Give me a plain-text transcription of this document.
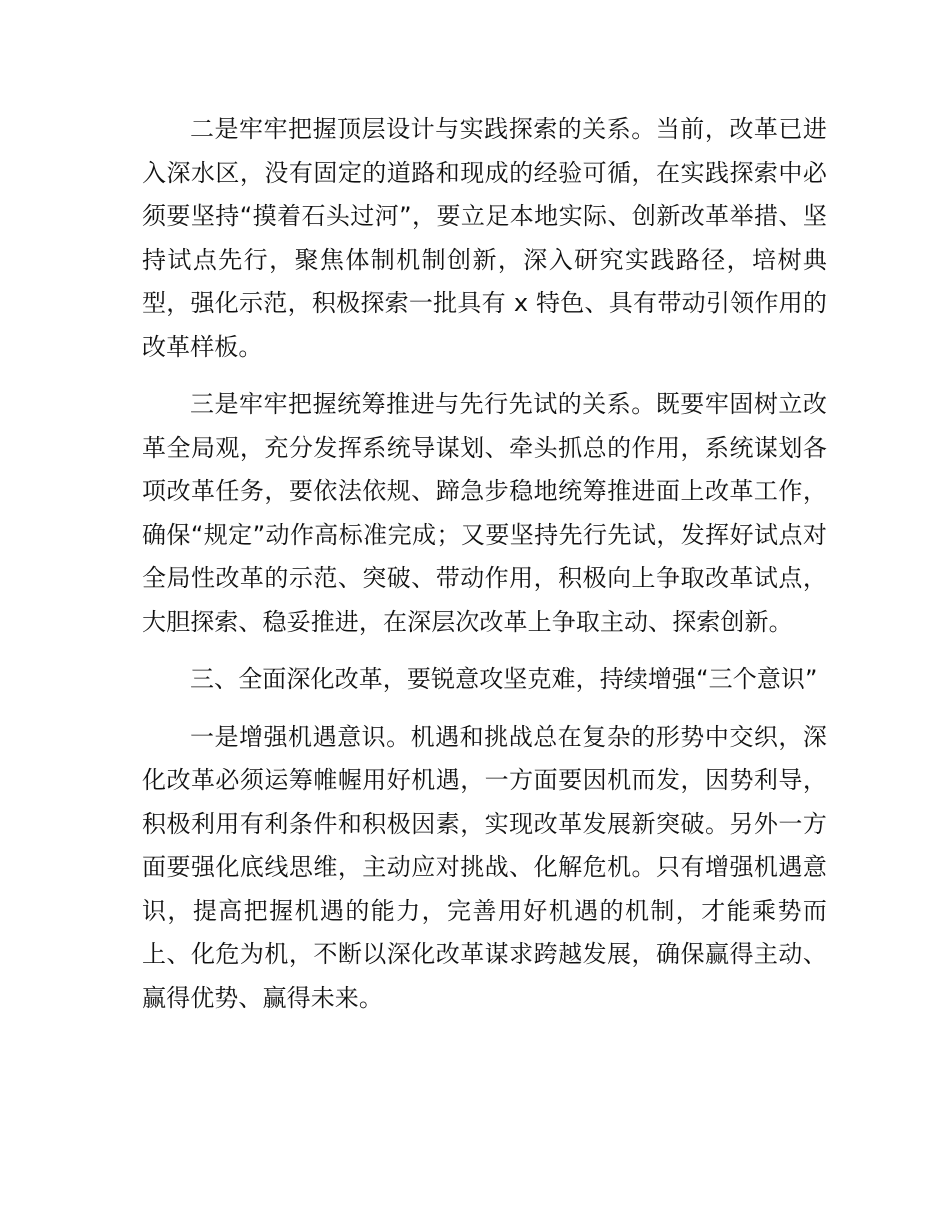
二是牢牢把握顶层设计与实践探索的关系。当前，改革已进入深水区，没有固定的道路和现成的经验可循，在实践探索中必须要坚持“摸着石头过河”，要立足本地实际、创新改革举措、坚持试点先行，聚焦体制机制创新，深入研究实践路径，培树典型，强化示范，积极探索一批具有 x 特色、具有带动引领作用的改革样板。

三是牢牢把握统筹推进与先行先试的关系。既要牢固树立改革全局观，充分发挥系统导谋划、牵头抓总的作用，系统谋划各项改革任务，要依法依规、蹄急步稳地统筹推进面上改革工作，确保“规定”动作高标准完成；又要坚持先行先试，发挥好试点对全局性改革的示范、突破、带动作用，积极向上争取改革试点，大胆探索、稳妥推进，在深层次改革上争取主动、探索创新。

三、全面深化改革，要锐意攻坚克难，持续增强“三个意识”

一是增强机遇意识。机遇和挑战总在复杂的形势中交织，深化改革必须运筹帷幄用好机遇，一方面要因机而发，因势利导，积极利用有利条件和积极因素，实现改革发展新突破。另外一方面要强化底线思维，主动应对挑战、化解危机。只有增强机遇意识，提高把握机遇的能力，完善用好机遇的机制，才能乘势而上、化危为机，不断以深化改革谋求跨越发展，确保赢得主动、赢得优势、赢得未来。
